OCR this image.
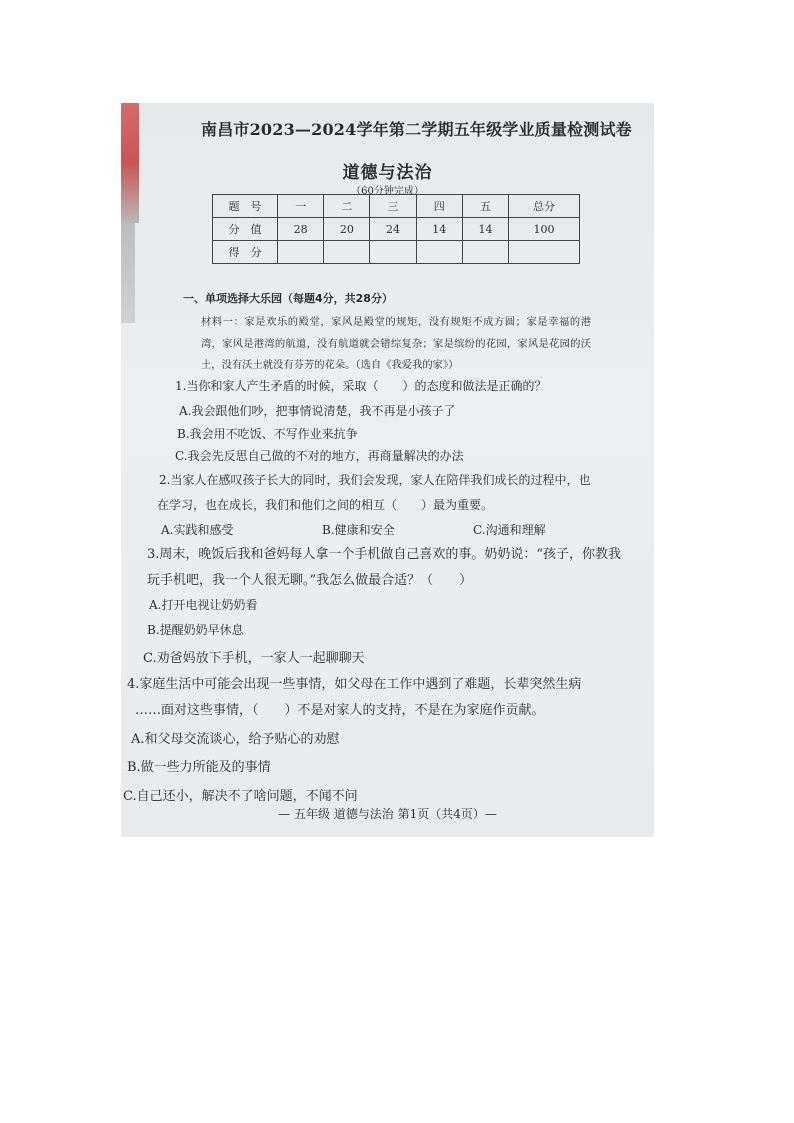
南昌市2023—2024学年第二学期五年级学业质量检测试卷
道德与法治
（60分钟完成）
题　号	一	二	三	四	五	总分
分　值	28	20	24	14	14	100
得　分						
一、单项选择大乐园（每题4分，共28分）
材料一：家是欢乐的殿堂，家风是殿堂的规矩，没有规矩不成方圆；家是幸福的港湾，家风是港湾的航道，没有航道就会错综复杂；家是缤纷的花园，家风是花园的沃土，没有沃土就没有芬芳的花朵。（选自《我爱我的家》）
1.当你和家人产生矛盾的时候，采取（　　）的态度和做法是正确的？
A.我会跟他们吵，把事情说清楚，我不再是小孩子了
B.我会用不吃饭、不写作业来抗争
C.我会先反思自己做的不对的地方，再商量解决的办法
2.当家人在感叹孩子长大的同时，我们会发现，家人在陪伴我们成长的过程中，也
在学习，也在成长，我们和他们之间的相互（　　）最为重要。
A.实践和感受	B.健康和安全	C.沟通和理解
3.周末，晚饭后我和爸妈每人拿一个手机做自己喜欢的事。奶奶说：“孩子，你教我
玩手机吧，我一个人很无聊。”我怎么做最合适？（　　）
A.打开电视让奶奶看
B.提醒奶奶早休息
C.劝爸妈放下手机，一家人一起聊聊天
4.家庭生活中可能会出现一些事情，如父母在工作中遇到了难题，长辈突然生病
……面对这些事情，（　　）不是对家人的支持，不是在为家庭作贡献。
A.和父母交流谈心，给予贴心的劝慰
B.做一些力所能及的事情
C.自己还小，解决不了啥问题，不闻不问
— 五年级 道德与法治 第1页（共4页）—
